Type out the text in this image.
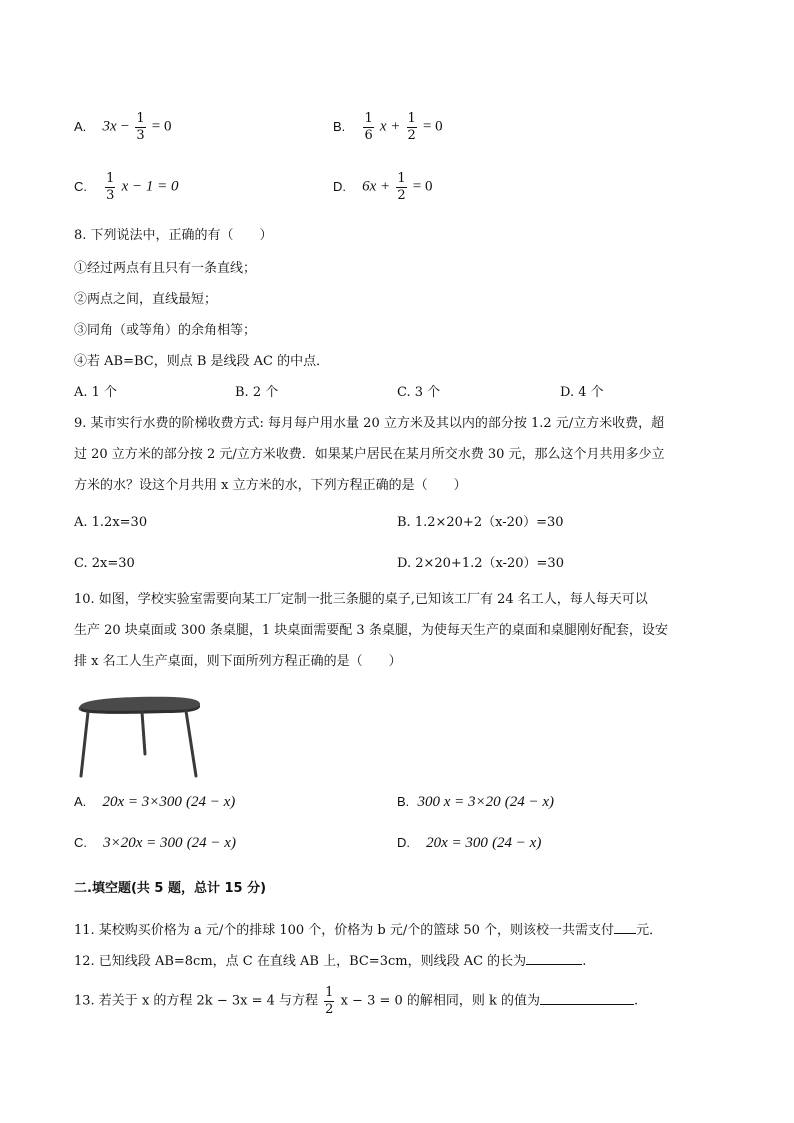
A. $3x - \frac{1}{3} = 0$	B. $\frac{1}{6}$ $x + \frac{1}{2} = 0$
C. $\frac{1}{3}$ x − 1 = 0	D. $6x + \frac{1}{2} = 0$
8. 下列说法中，正确的有（　　）
①经过两点有且只有一条直线；
②两点之间，直线最短；
③同角（或等角）的余角相等；
④若 AB=BC，则点 B 是线段 AC 的中点．
A. 1 个	B. 2 个	C. 3 个	D. 4 个
9. 某市实行水费的阶梯收费方式: 每月每户用水量 20 立方米及其以内的部分按 1.2 元/立方米收费，超
过 20 立方米的部分按 2 元/立方米收费．如果某户居民在某月所交水费 30 元，那么这个月共用多少立
方米的水？设这个月共用 x 立方米的水，下列方程正确的是（　　）
A. 1.2x=30	B. 1.2×20+2（x-20）=30
C. 2x=30	D. 2×20+1.2（x-20）=30
10. 如图，学校实验室需要向某工厂定制一批三条腿的桌子,已知该工厂有 24 名工人，每人每天可以
生产 20 块桌面或 300 条桌腿，1 块桌面需要配 3 条桌腿，为使每天生产的桌面和桌腿刚好配套，设安
排 x 名工人生产桌面，则下面所列方程正确的是（　　）
A. 20x = 3×300 (24 − x)	B. 300 x = 3×20 (24 − x)
C. 3×20x = 300 (24 − x)	D. 20x = 300 (24 − x)
二.填空题(共 5 题，总计 15 分)
11. 某校购买价格为 a 元/个的排球 100 个，价格为 b 元/个的篮球 50 个，则该校一共需支付 元．
12. 已知线段 AB=8cm，点 C 在直线 AB 上，BC=3cm，则线段 AC 的长为	.
13. 若关于 x 的方程 2k − 3x = 4 与方程 $\frac{1}{2}$ x − 3 = 0 的解相同，则 k 的值为	.
